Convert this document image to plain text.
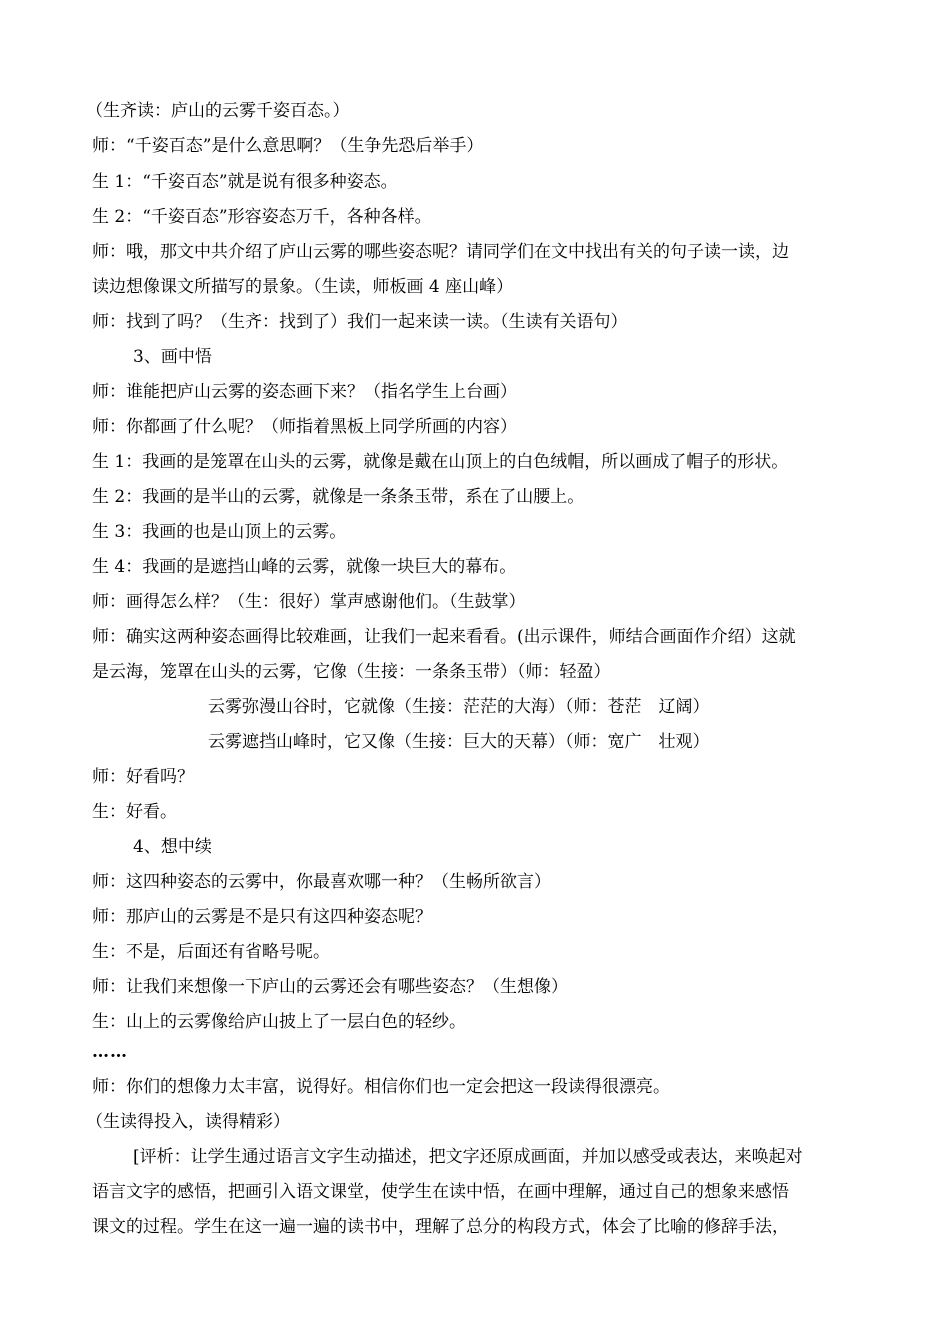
（生齐读：庐山的云雾千姿百态。）
师：“千姿百态”是什么意思啊？（生争先恐后举手）
生 1：“千姿百态”就是说有很多种姿态。
生 2：“千姿百态”形容姿态万千，各种各样。
师：哦，那文中共介绍了庐山云雾的哪些姿态呢？请同学们在文中找出有关的句子读一读，边
读边想像课文所描写的景象。（生读，师板画 4 座山峰）
师：找到了吗？（生齐：找到了）我们一起来读一读。（生读有关语句）
3、画中悟
师：谁能把庐山云雾的姿态画下来？（指名学生上台画）
师：你都画了什么呢？（师指着黑板上同学所画的内容）
生 1：我画的是笼罩在山头的云雾，就像是戴在山顶上的白色绒帽，所以画成了帽子的形状。
生 2：我画的是半山的云雾，就像是一条条玉带，系在了山腰上。
生 3：我画的也是山顶上的云雾。
生 4：我画的是遮挡山峰的云雾，就像一块巨大的幕布。
师：画得怎么样？（生：很好）掌声感谢他们。（生鼓掌）
师：确实这两种姿态画得比较难画，让我们一起来看看。(出示课件，师结合画面作介绍）这就
是云海，笼罩在山头的云雾，它像（生接：一条条玉带）（师：轻盈）
云雾弥漫山谷时，它就像（生接：茫茫的大海）（师：苍茫　辽阔）
云雾遮挡山峰时，它又像（生接：巨大的天幕）（师：宽广　壮观）
师：好看吗？
生：好看。
4、想中续
师：这四种姿态的云雾中，你最喜欢哪一种？（生畅所欲言）
师：那庐山的云雾是不是只有这四种姿态呢？
生：不是，后面还有省略号呢。
师：让我们来想像一下庐山的云雾还会有哪些姿态？（生想像）
生：山上的云雾像给庐山披上了一层白色的轻纱。
……
师：你们的想像力太丰富，说得好。相信你们也一定会把这一段读得很漂亮。
（生读得投入，读得精彩）
[评析：让学生通过语言文字生动描述，把文字还原成画面，并加以感受或表达，来唤起对
语言文字的感悟，把画引入语文课堂，使学生在读中悟，在画中理解，通过自己的想象来感悟
课文的过程。学生在这一遍一遍的读书中，理解了总分的构段方式，体会了比喻的修辞手法，
